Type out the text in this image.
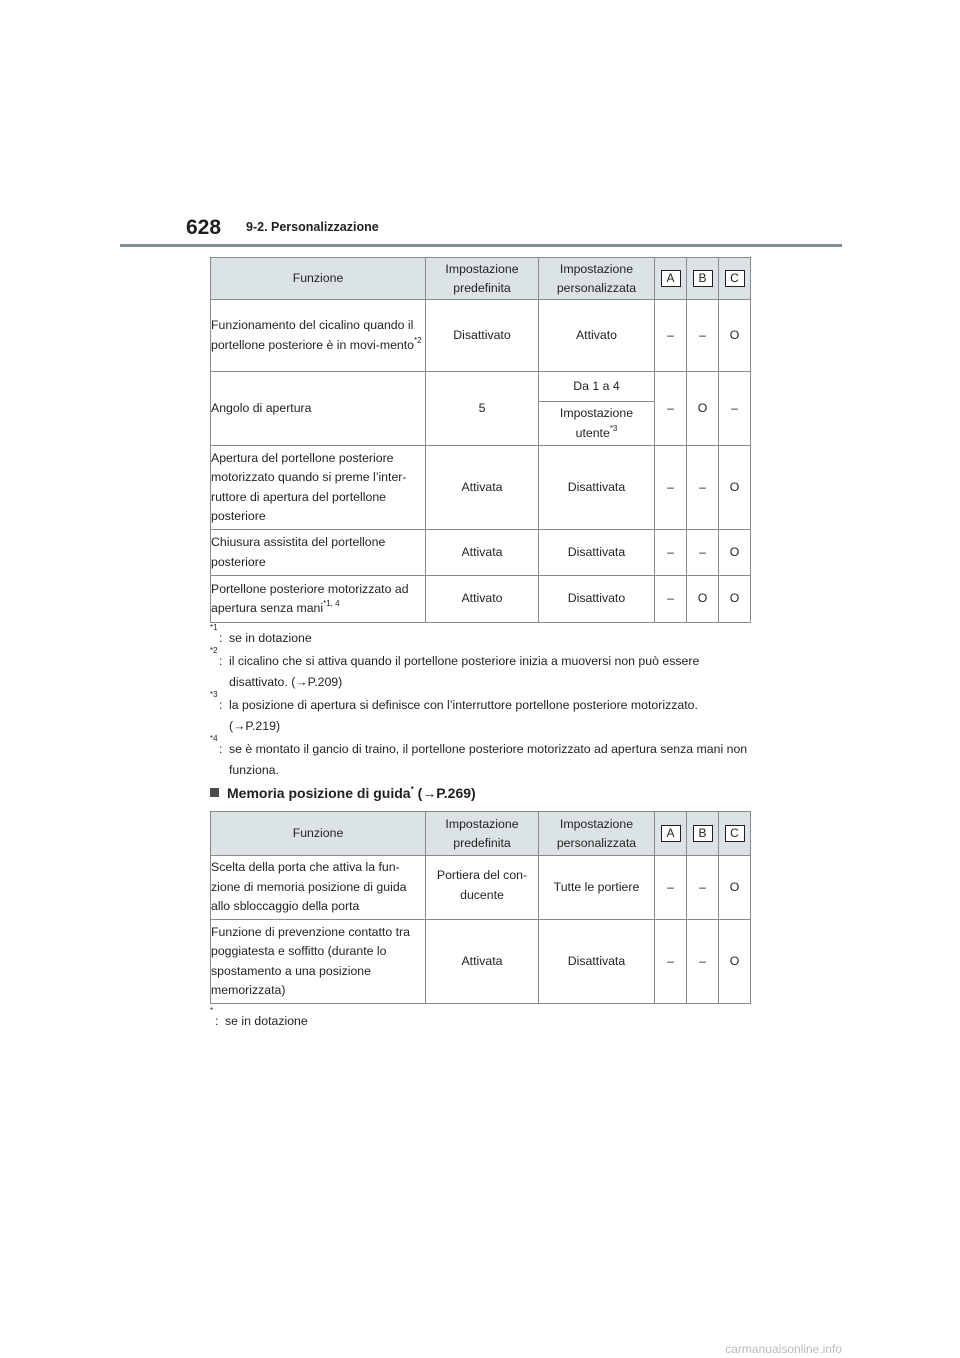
628 9-2. Personalizzazione
Funzione	Impostazione predefinita	Impostazione personalizzata	A	B	C
Funzionamento del cicalino quando il portellone posteriore è in movi-mento$^{*2}$	Disattivato	Attivato	–	–	O
Angolo di apertura	5	Da 1 a 4	–	O	–
		Impostazione utente$^{*3}$
Apertura del portellone posteriore motorizzato quando si preme l’inter-ruttore di apertura del portellone posteriore	Attivata	Disattivata	–	–	O
Chiusura assistita del portellone posteriore	Attivata	Disattivata	–	–	O
Portellone posteriore motorizzato ad apertura senza mani$^{*1, 4}$	Attivato	Disattivato	–	O	O
*1
: se in dotazione
*2
: il cicalino che si attiva quando il portellone posteriore inizia a muoversi non può essere disattivato. (→P.209)
*3
: la posizione di apertura si definisce con l’interruttore portellone posteriore motorizzato. (→P.219)
*4
: se è montato il gancio di traino, il portellone posteriore motorizzato ad apertura senza mani non funziona.
Memoria posizione di guida* (→P.269)
Funzione	Impostazione predefinita	Impostazione personalizzata	A	B	C
Scelta della porta che attiva la fun-zione di memoria posizione di guida allo sbloccaggio della porta	Portiera del con-ducente	Tutte le portiere	–	–	O
Funzione di prevenzione contatto tra poggiatesta e soffitto (durante lo spostamento a una posizione memorizzata)	Attivata	Disattivata	–	–	O
*
: se in dotazione
carmanualsonline.info
